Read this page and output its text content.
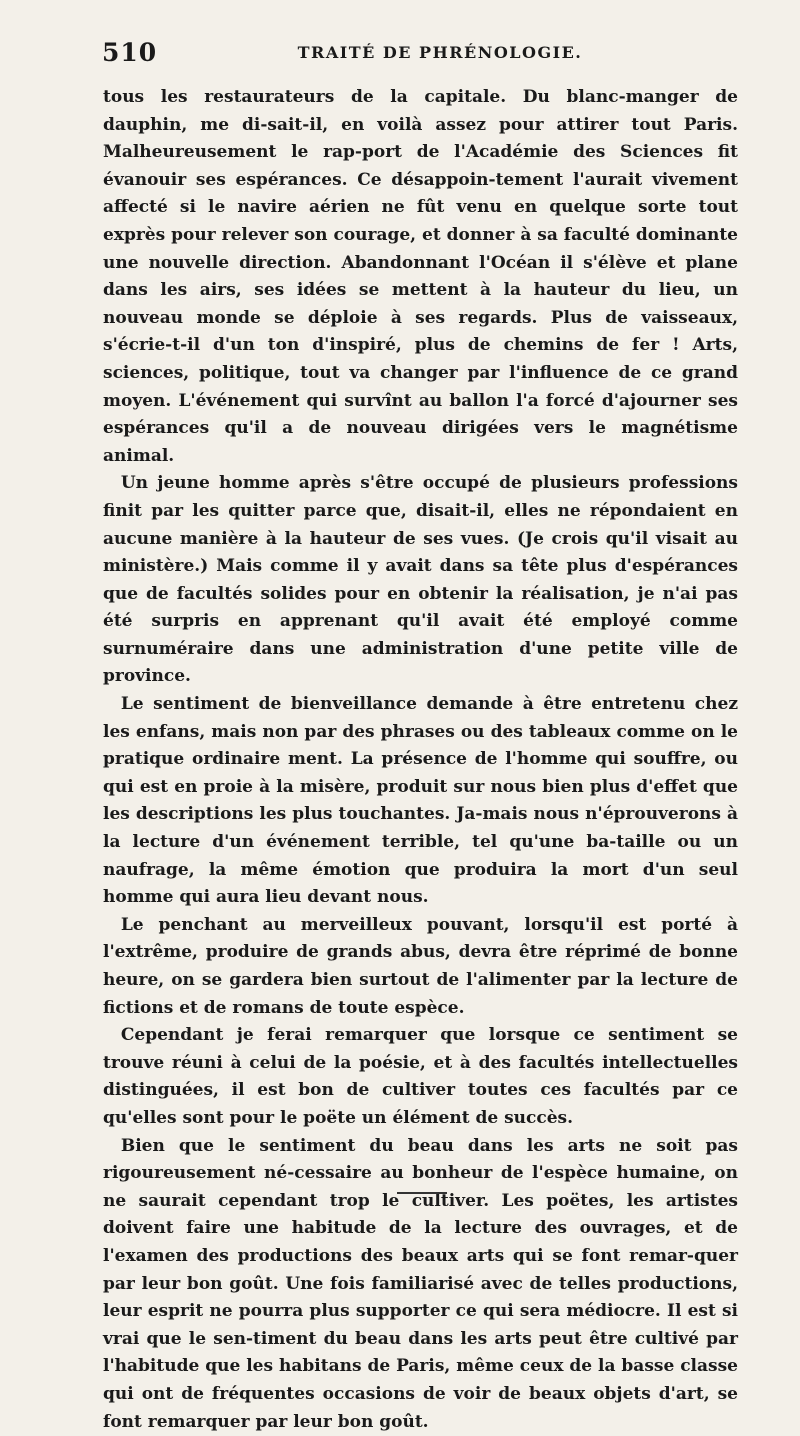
510	TRAITÉ DE PHRÉNOLOGIE.

tous les restaurateurs de la capitale. Du blanc-manger de dauphin, me di-sait-il, en voilà assez pour attirer tout Paris. Malheureusement le rap-port de l'Académie des Sciences fit évanouir ses espérances. Ce désappoin-tement l'aurait vivement affecté si le navire aérien ne fût venu en quelque sorte tout exprès pour relever son courage, et donner à sa faculté dominante une nouvelle direction. Abandonnant l'Océan il s'élève et plane dans les airs, ses idées se mettent à la hauteur du lieu, un nouveau monde se déploie à ses regards. Plus de vaisseaux, s'écrie-t-il d'un ton d'inspiré, plus de chemins de fer ! Arts, sciences, politique, tout va changer par l'influence de ce grand moyen. L'événement qui survînt au ballon l'a forcé d'ajourner ses espérances qu'il a de nouveau dirigées vers le magnétisme animal.

Un jeune homme après s'être occupé de plusieurs professions finit par les quitter parce que, disait-il, elles ne répondaient en aucune manière à la hauteur de ses vues. (Je crois qu'il visait au ministère.) Mais comme il y avait dans sa tête plus d'espérances que de facultés solides pour en obtenir la réalisation, je n'ai pas été surpris en apprenant qu'il avait été employé comme surnuméraire dans une administration d'une petite ville de province.

Le sentiment de bienveillance demande à être entretenu chez les enfans, mais non par des phrases ou des tableaux comme on le pratique ordinaire ment. La présence de l'homme qui souffre, ou qui est en proie à la misère, produit sur nous bien plus d'effet que les descriptions les plus touchantes. Ja-mais nous n'éprouverons à la lecture d'un événement terrible, tel qu'une ba-taille ou un naufrage, la même émotion que produira la mort d'un seul homme qui aura lieu devant nous.

Le penchant au merveilleux pouvant, lorsqu'il est porté à l'extrême, produire de grands abus, devra être réprimé de bonne heure, on se gardera bien surtout de l'alimenter par la lecture de fictions et de romans de toute espèce.

Cependant je ferai remarquer que lorsque ce sentiment se trouve réuni à celui de la poésie, et à des facultés intellectuelles distinguées, il est bon de cultiver toutes ces facultés par ce qu'elles sont pour le poëte un élément de succès.

Bien que le sentiment du beau dans les arts ne soit pas rigoureusement né-cessaire au bonheur de l'espèce humaine, on ne saurait cependant trop le cultiver. Les poëtes, les artistes doivent faire une habitude de la lecture des ouvrages, et de l'examen des productions des beaux arts qui se font remar-quer par leur bon goût. Une fois familiarisé avec de telles productions, leur esprit ne pourra plus supporter ce qui sera médiocre. Il est si vrai que le sen-timent du beau dans les arts peut être cultivé par l'habitude que les habitans de Paris, même ceux de la basse classe qui ont de fréquentes occasions de voir de beaux objets d'art, se font remarquer par leur bon goût.
